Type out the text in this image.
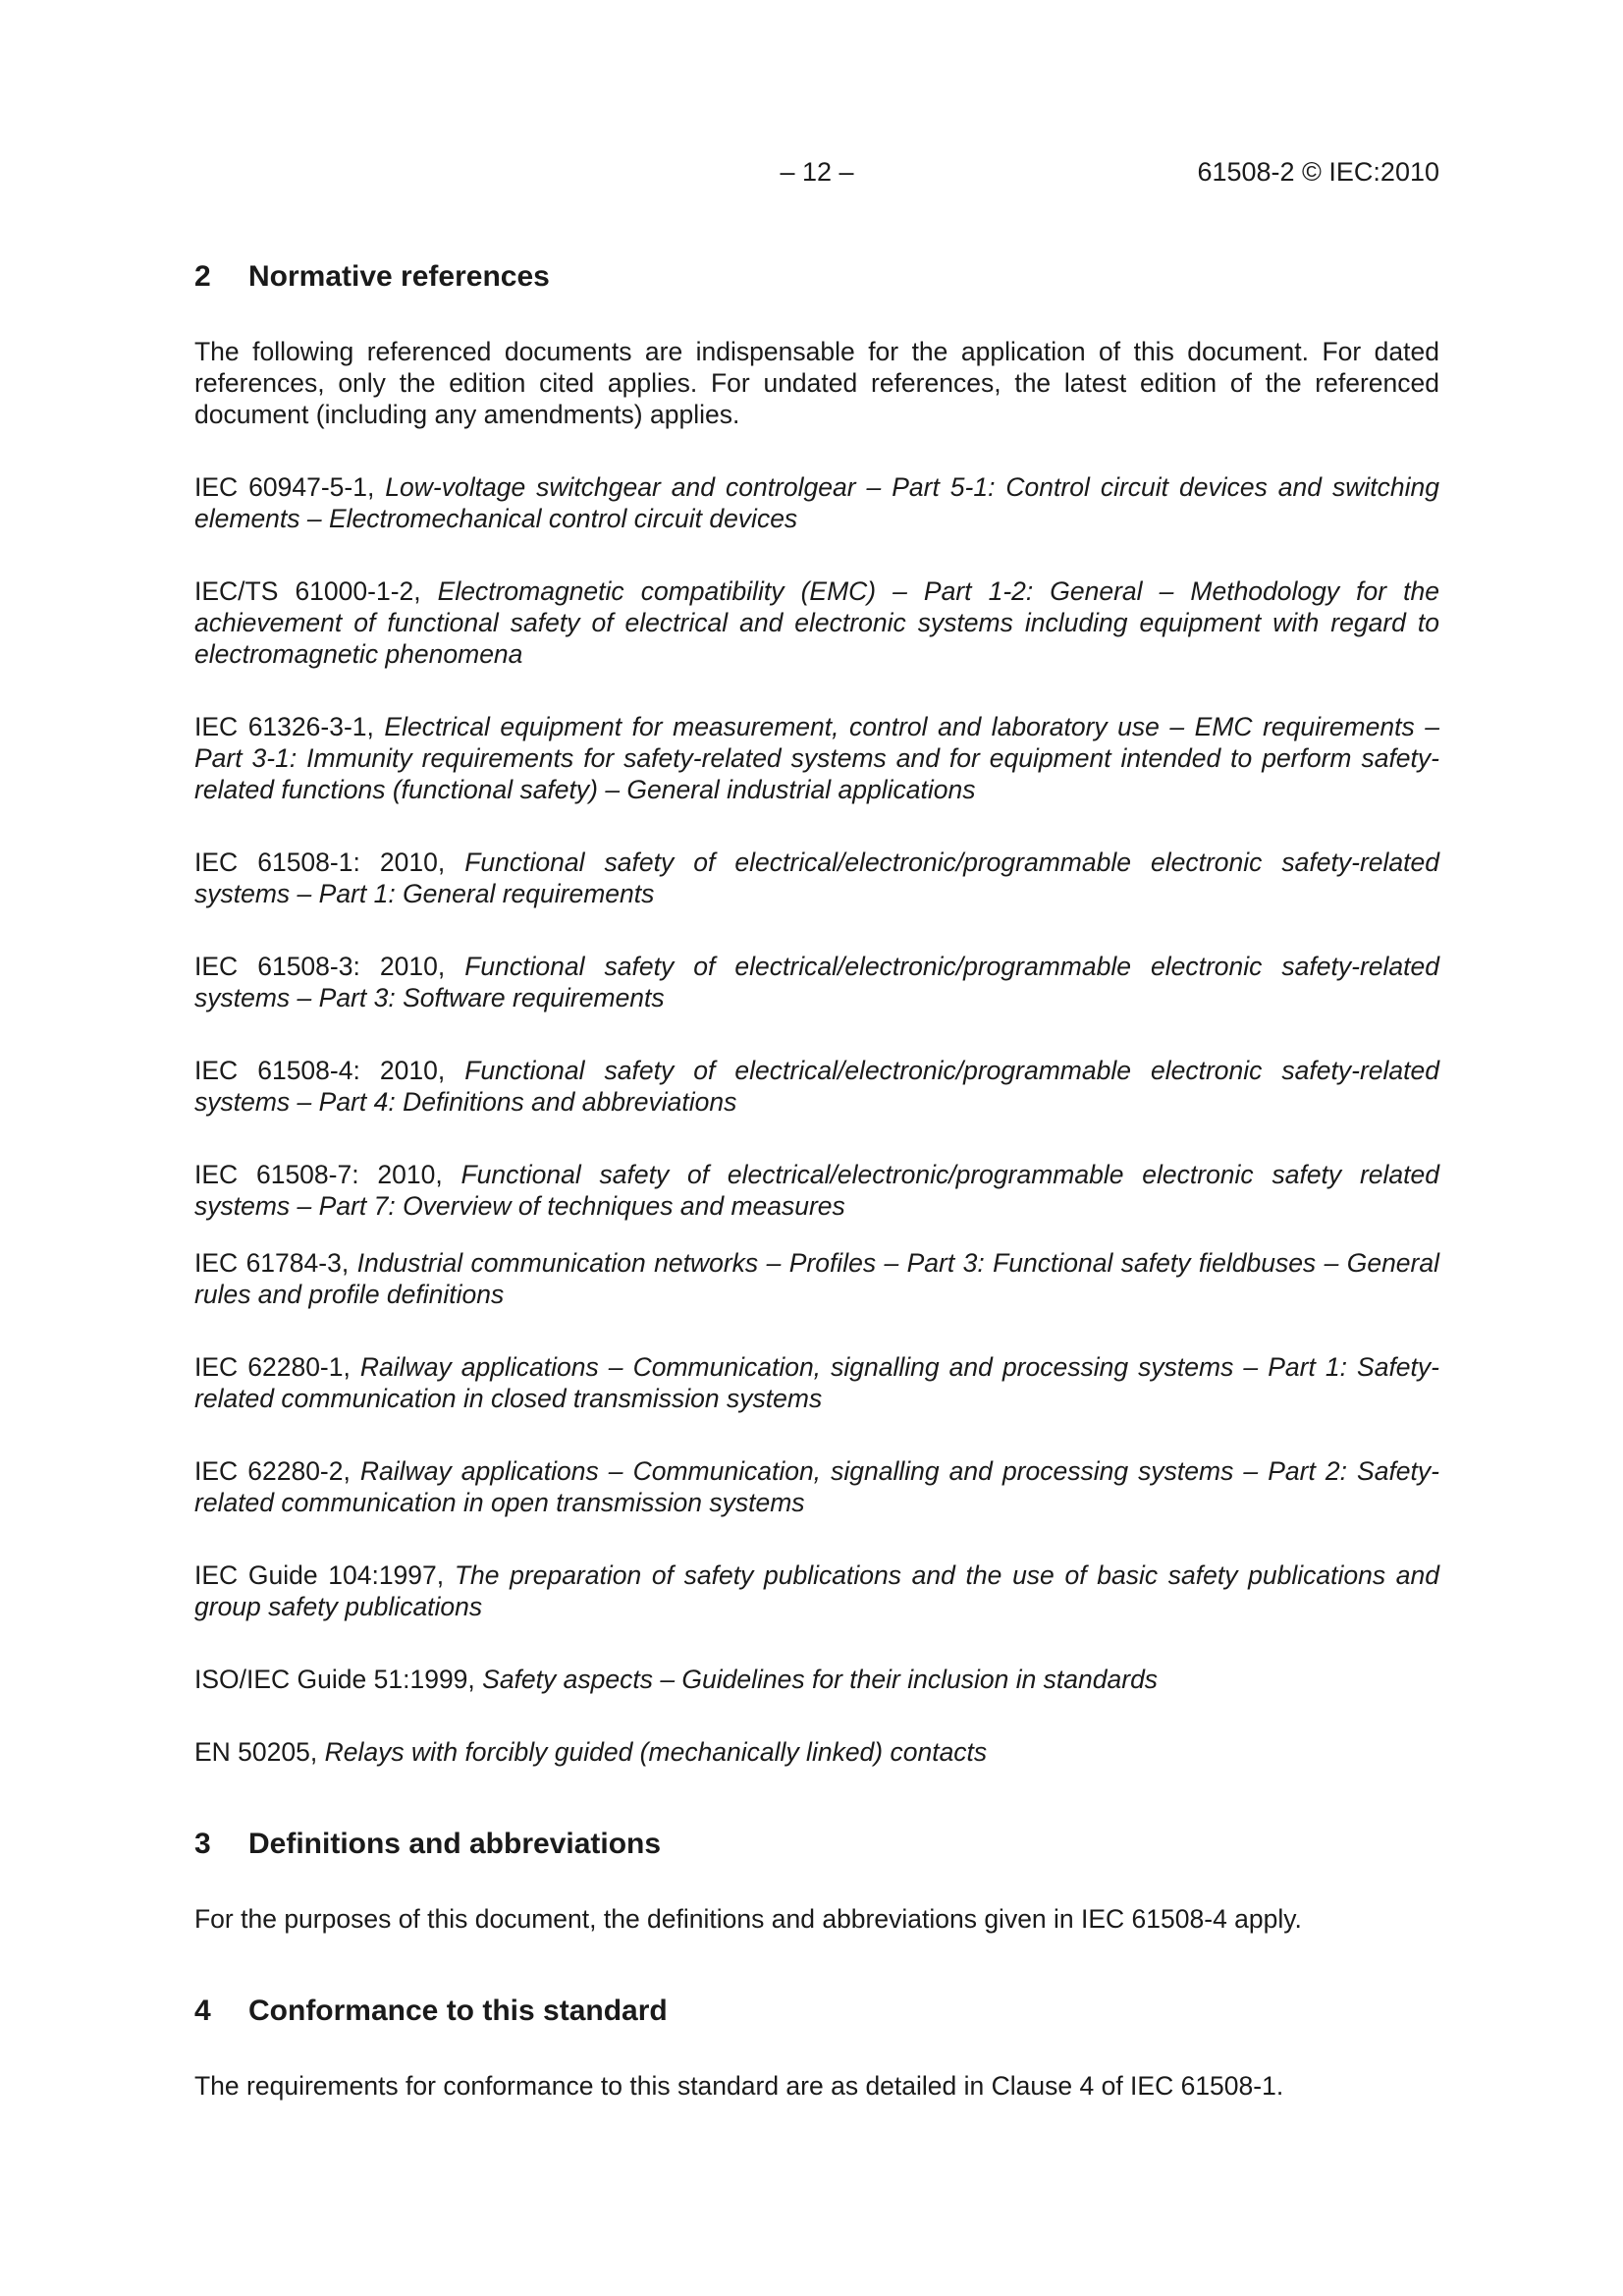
– 12 –	61508-2 © IEC:2010
2 Normative references

The following referenced documents are indispensable for the application of this document. For dated references, only the edition cited applies. For undated references, the latest edition of the referenced document (including any amendments) applies.

IEC 60947-5-1, Low-voltage switchgear and controlgear – Part 5-1: Control circuit devices and switching elements – Electromechanical control circuit devices

IEC/TS 61000-1-2, Electromagnetic compatibility (EMC) – Part 1-2: General – Methodology for the achievement of functional safety of electrical and electronic systems including equipment with regard to electromagnetic phenomena

IEC 61326-3-1, Electrical equipment for measurement, control and laboratory use – EMC requirements – Part 3-1: Immunity requirements for safety-related systems and for equipment intended to perform safety-related functions (functional safety) – General industrial applications

IEC 61508-1: 2010, Functional safety of electrical/electronic/programmable electronic safety-related systems – Part 1: General requirements

IEC 61508-3: 2010, Functional safety of electrical/electronic/programmable electronic safety-related systems – Part 3: Software requirements

IEC 61508-4: 2010, Functional safety of electrical/electronic/programmable electronic safety-related systems – Part 4: Definitions and abbreviations

IEC 61508-7: 2010, Functional safety of electrical/electronic/programmable electronic safety related systems – Part 7: Overview of techniques and measures

IEC 61784-3, Industrial communication networks – Profiles – Part 3: Functional safety fieldbuses – General rules and profile definitions

IEC 62280-1, Railway applications – Communication, signalling and processing systems – Part 1: Safety-related communication in closed transmission systems

IEC 62280-2, Railway applications – Communication, signalling and processing systems – Part 2: Safety-related communication in open transmission systems

IEC Guide 104:1997, The preparation of safety publications and the use of basic safety publications and group safety publications

ISO/IEC Guide 51:1999, Safety aspects – Guidelines for their inclusion in standards

EN 50205, Relays with forcibly guided (mechanically linked) contacts

3 Definitions and abbreviations

For the purposes of this document, the definitions and abbreviations given in IEC 61508-4 apply.

4 Conformance to this standard

The requirements for conformance to this standard are as detailed in Clause 4 of IEC 61508-1.
